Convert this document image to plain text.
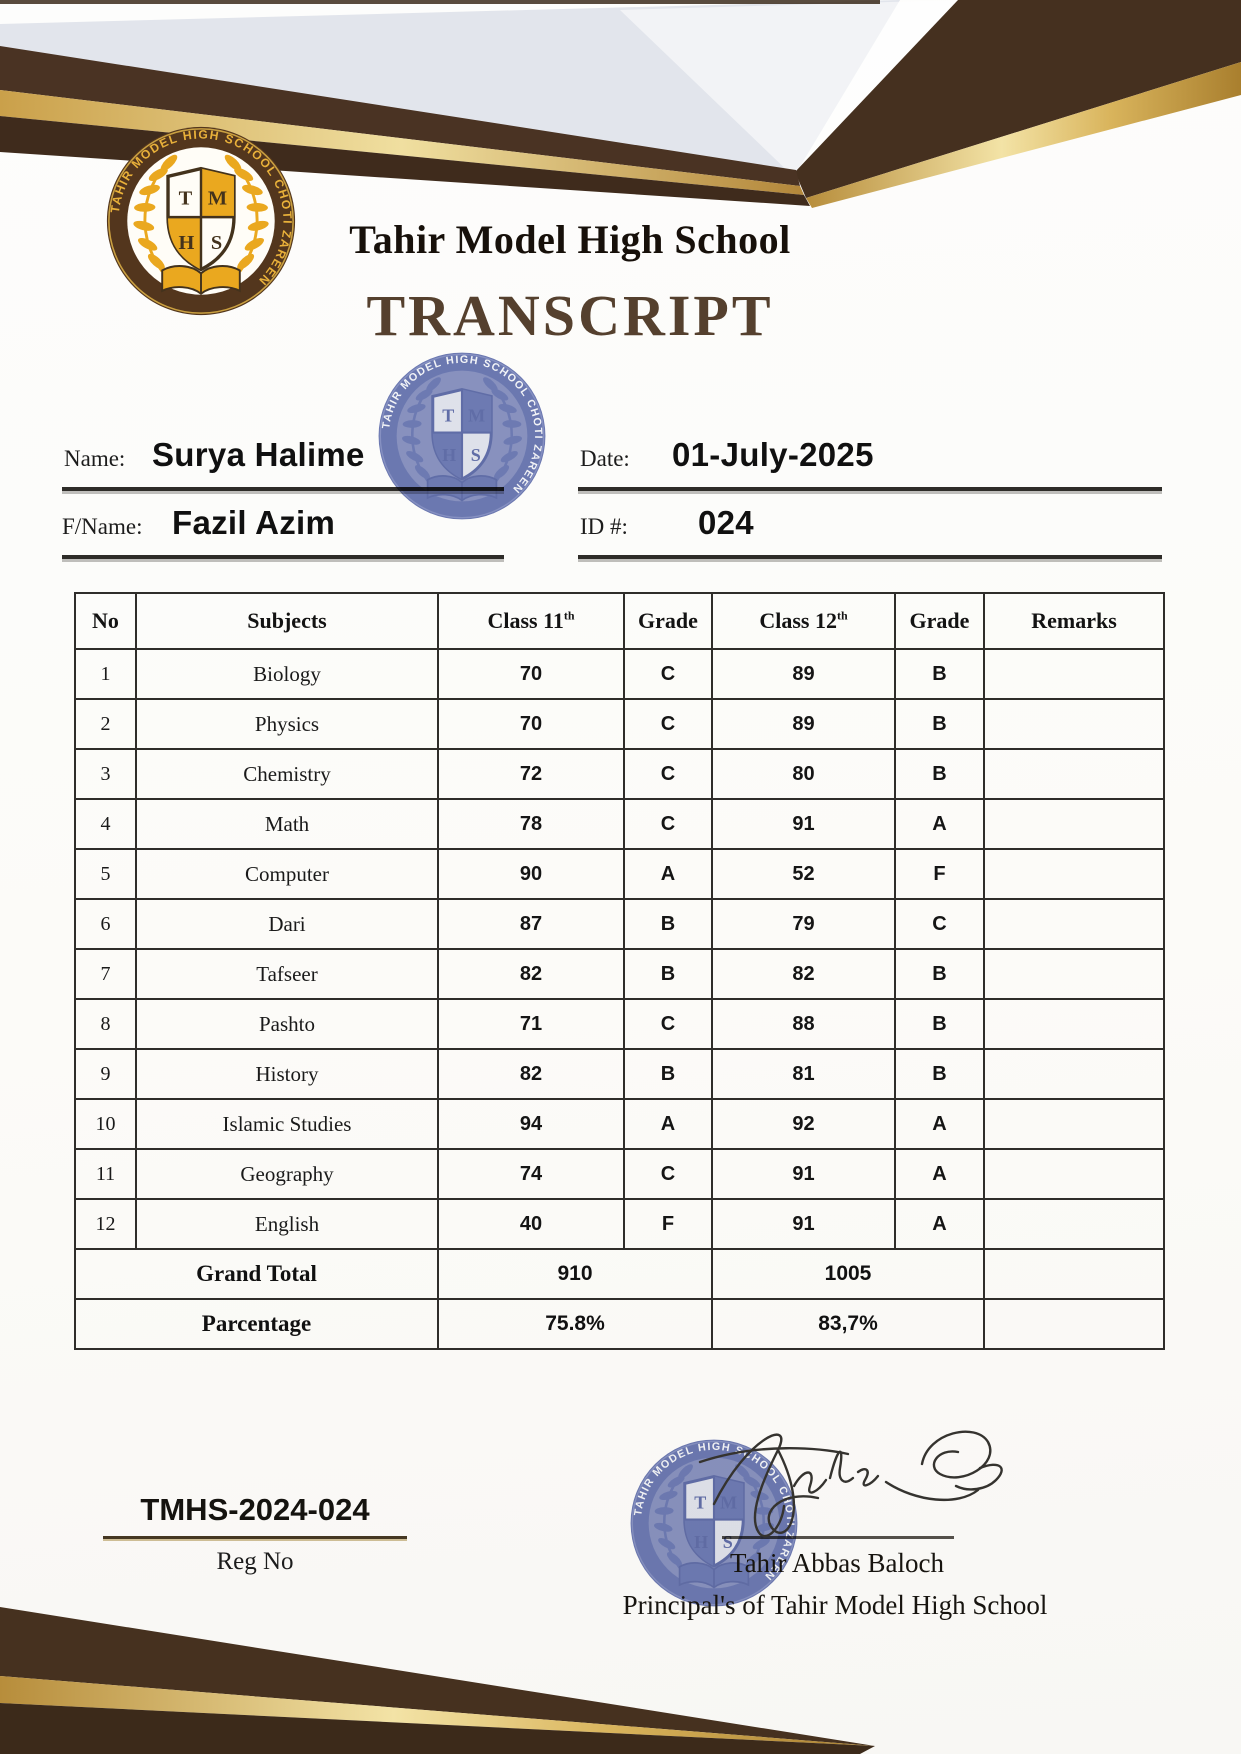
Tahir Model High School
TRANSCRIPT
Name: Surya Halime	Date: 01-July-2025
F/Name: Fazil Azim	ID #: 024
No	Subjects	Class 11th	Grade	Class 12th	Grade	Remarks
1	Biology	70	C	89	B	
2	Physics	70	C	89	B	
3	Chemistry	72	C	80	B	
4	Math	78	C	91	A	
5	Computer	90	A	52	F	
6	Dari	87	B	79	C	
7	Tafseer	82	B	82	B	
8	Pashto	71	C	88	B	
9	History	82	B	81	B	
10	Islamic Studies	94	A	92	A	
11	Geography	74	C	91	A	
12	English	40	F	91	A	
Grand Total		910		1005		
Parcentage		75.8%		83,7%		
TMHS-2024-024
Reg No	Tahir Abbas Baloch
Principal's of Tahir Model High School
